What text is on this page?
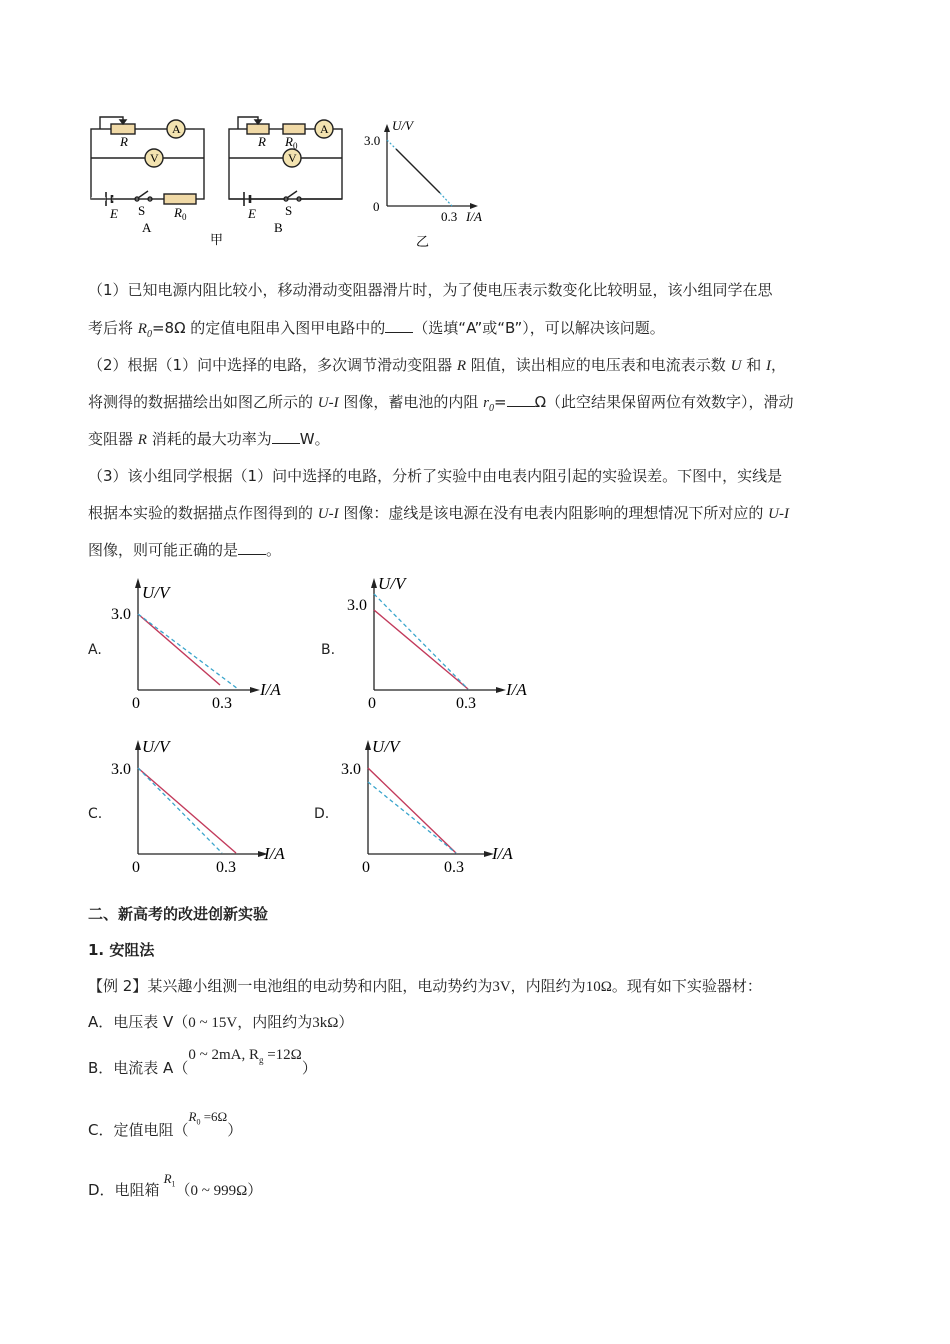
R
A
V
E S $R_0$
A
R $R_0$
A
V
E S
B
甲
U/V
3.0
0
0.3 I/A
乙
（1）已知电源内阻比较小，移动滑动变阻器滑片时，为了使电压表示数变化比较明显，该小组同学在思
考后将 $R_0=8\Omega$ 的定值电阻串入图甲电路中的 （选填“A”或“B”），可以解决该问题。
（2）根据（1）问中选择的电路，多次调节滑动变阻器 R 阻值，读出相应的电压表和电流表示数 U 和 I，
将测得的数据描绘出如图乙所示的 U-I 图像，蓄电池的内阻 $r_0= \Omega$（此空结果保留两位有效数字），滑动
变阻器 R 消耗的最大功率为 W。
（3）该小组同学根据（1）问中选择的电路，分析了实验中由电表内阻引起的实验误差。下图中，实线是
根据本实验的数据描点作图得到的 U-I 图像：虚线是该电源在没有电表内阻影响的理想情况下所对应的 U-I
图像，则可能正确的是 。
A.
U/V
3.0
0	0.3
I/A
B.
U/V
3.0
0	0.3
I/A
C.
U/V
3.0
0	0.3
I/A
D.
U/V
3.0
0	0.3
I/A
二、新高考的改进创新实验
1. 安阻法
【例 2】某兴趣小组测一电池组的电动势和内阻，电动势约为3V，内阻约为10Ω。现有如下实验器材：
A．电压表 V（0 ~ 15V，内阻约为3kΩ）
B．电流表 A（0 ~ 2mA, $R_g =12\Omega$）
C．定值电阻$(R_0 =6\Omega)$
D．电阻箱$R_1(0$ ~ 999Ω）
